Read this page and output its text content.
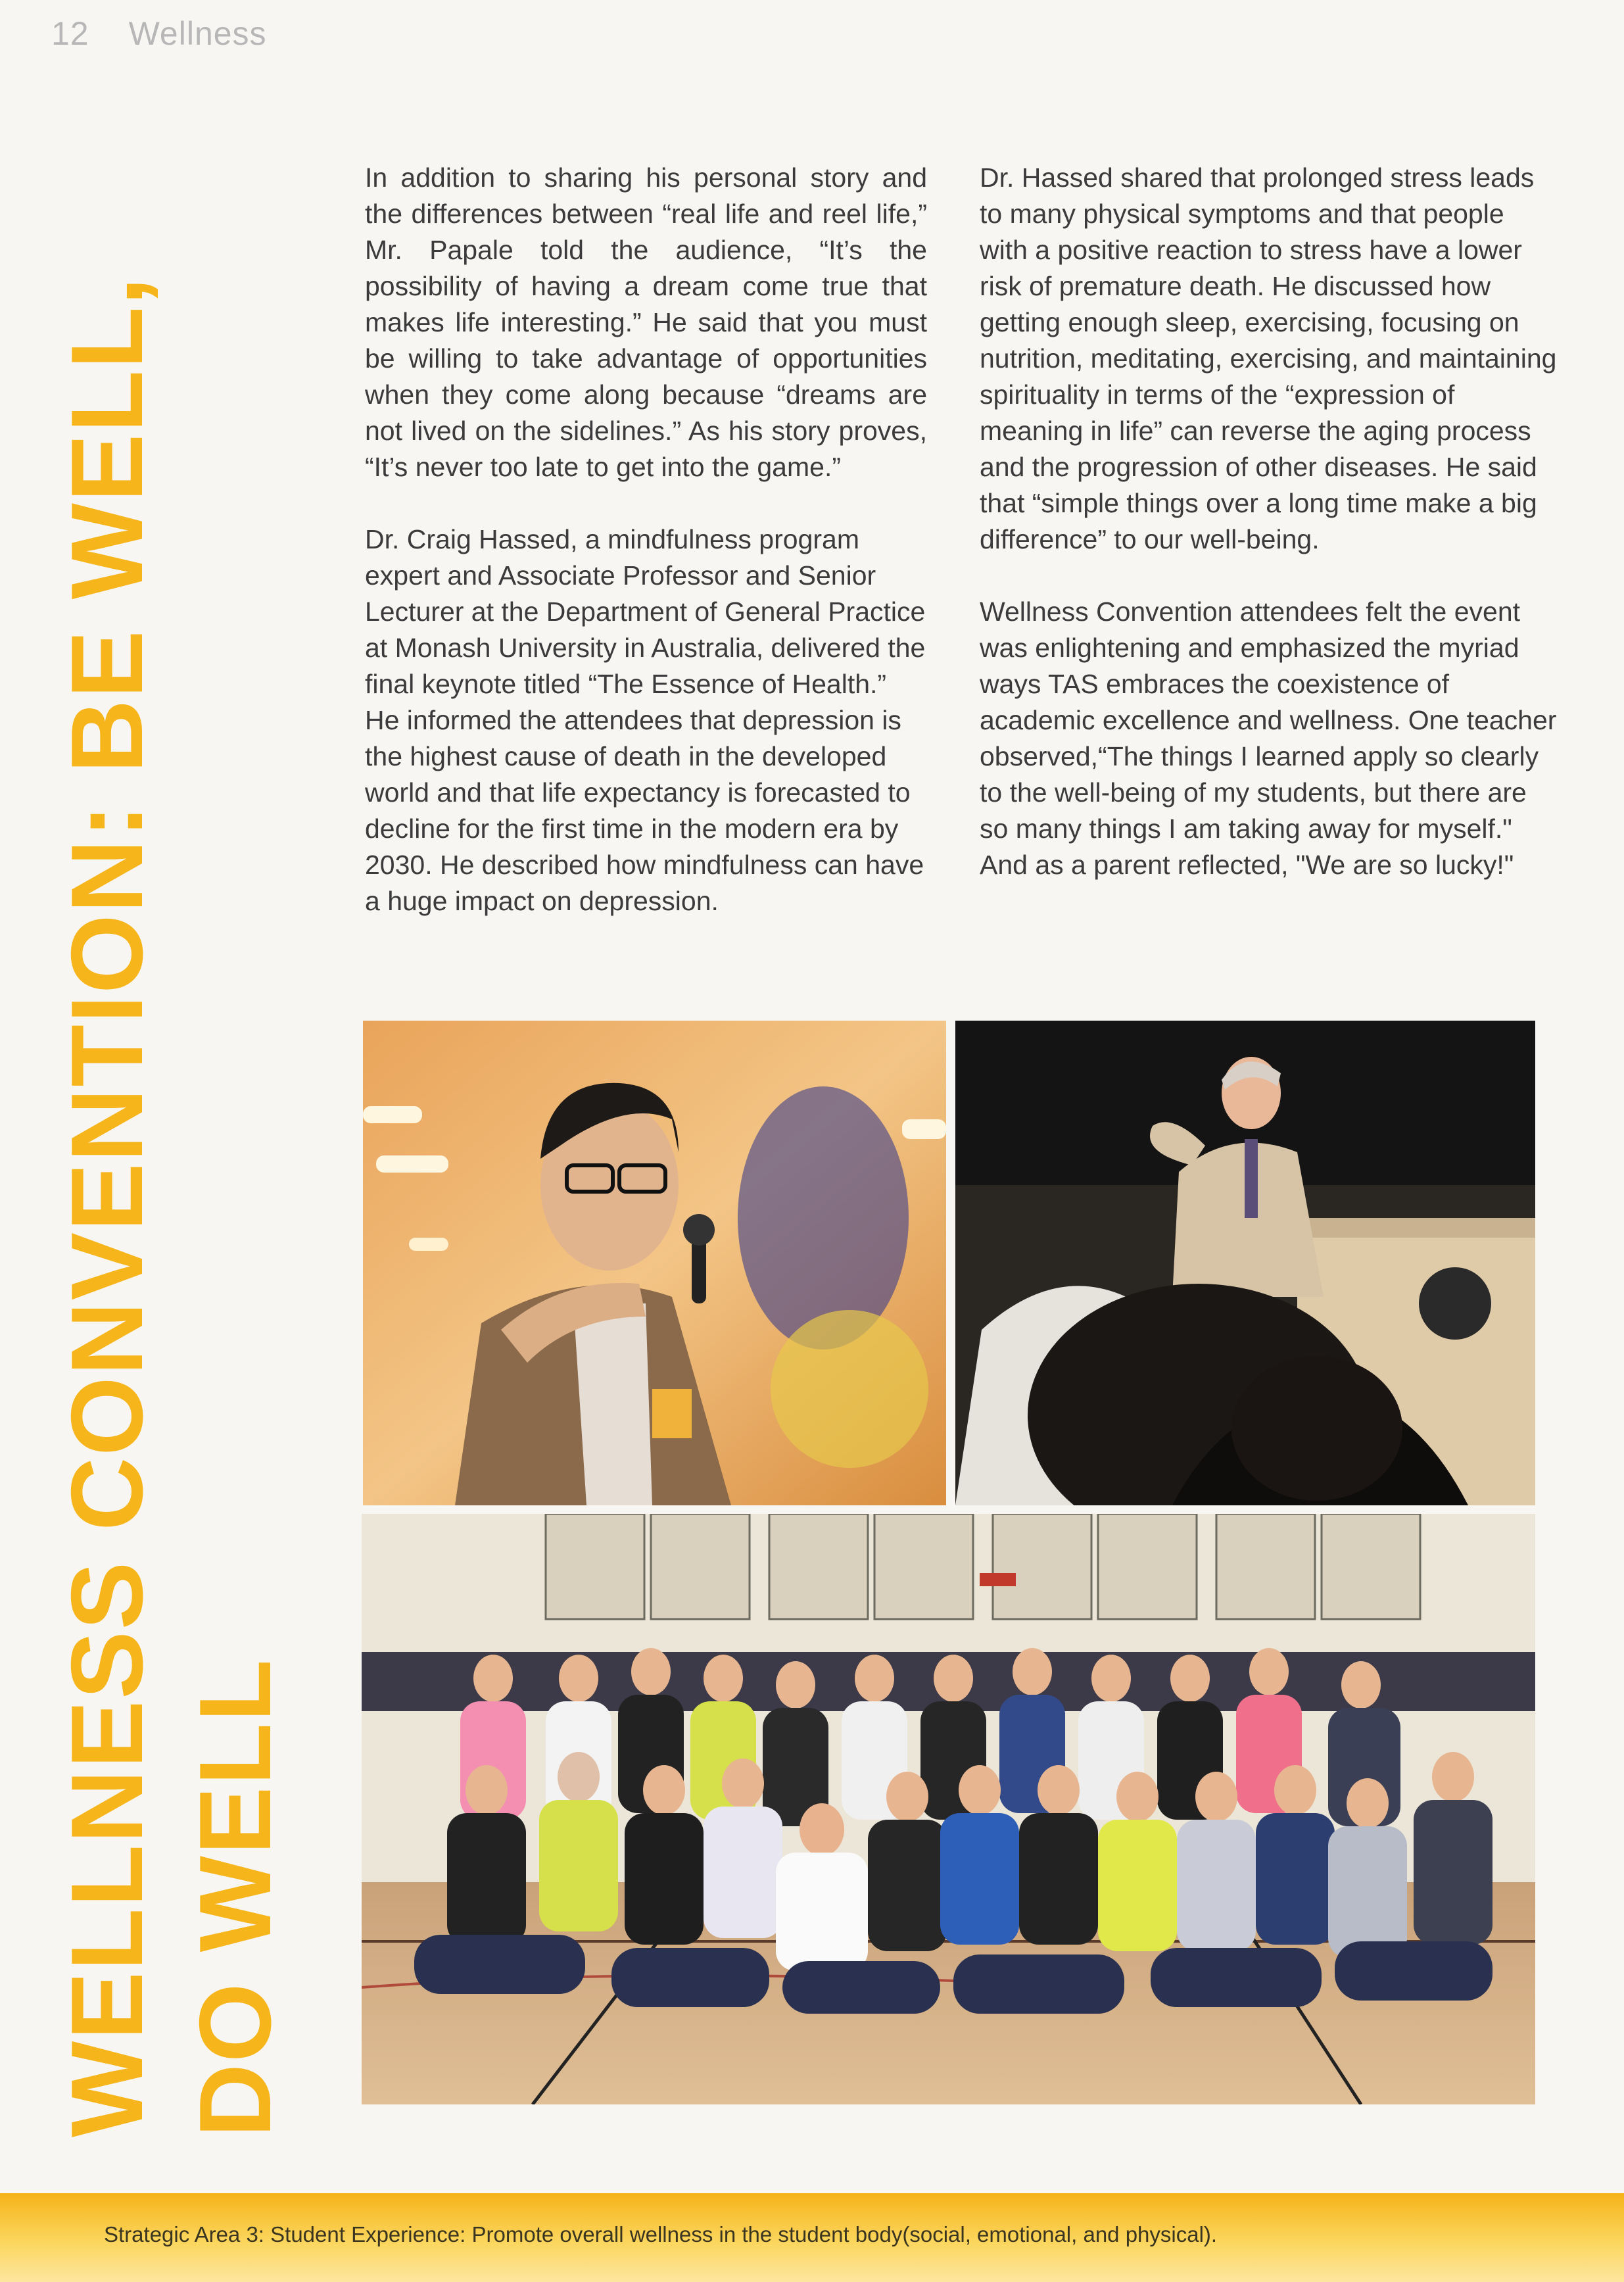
12 Wellness
WELLNESS CONVENTION: BE WELL, DO WELL

In addition to sharing his personal story and the differences between “real life and reel life,” Mr. Papale told the audience, “It’s the possibility of having a dream come true that makes life interesting.” He said that you must be willing to take advantage of opportunities when they come along because “dreams are not lived on the sidelines.” As his story proves, “It’s never too late to get into the game.”

Dr. Craig Hassed, a mindfulness program expert and Associate Professor and Senior Lecturer at the Department of General Practice at Monash University in Australia, delivered the final keynote titled “The Essence of Health.” He informed the attendees that depression is the highest cause of death in the developed world and that life expectancy is forecasted to decline for the first time in the modern era by 2030. He described how mindfulness can have a huge impact on depression.

Dr. Hassed shared that prolonged stress leads to many physical symptoms and that people with a positive reaction to stress have a lower risk of premature death. He discussed how getting enough sleep, exercising, focusing on nutrition, meditating, exercising, and maintaining spirituality in terms of the “expression of meaning in life” can reverse the aging process and the progression of other diseases. He said that “simple things over a long time make a big difference” to our well-being.

Wellness Convention attendees felt the event was enlightening and emphasized the myriad ways TAS embraces the coexistence of academic excellence and wellness. One teacher observed,“The things I learned apply so clearly to the well-being of my students, but there are so many things I am taking away for myself." And as a parent reflected, "We are so lucky!"

Strategic Area 3: Student Experience: Promote overall wellness in the student body(social, emotional, and physical).
